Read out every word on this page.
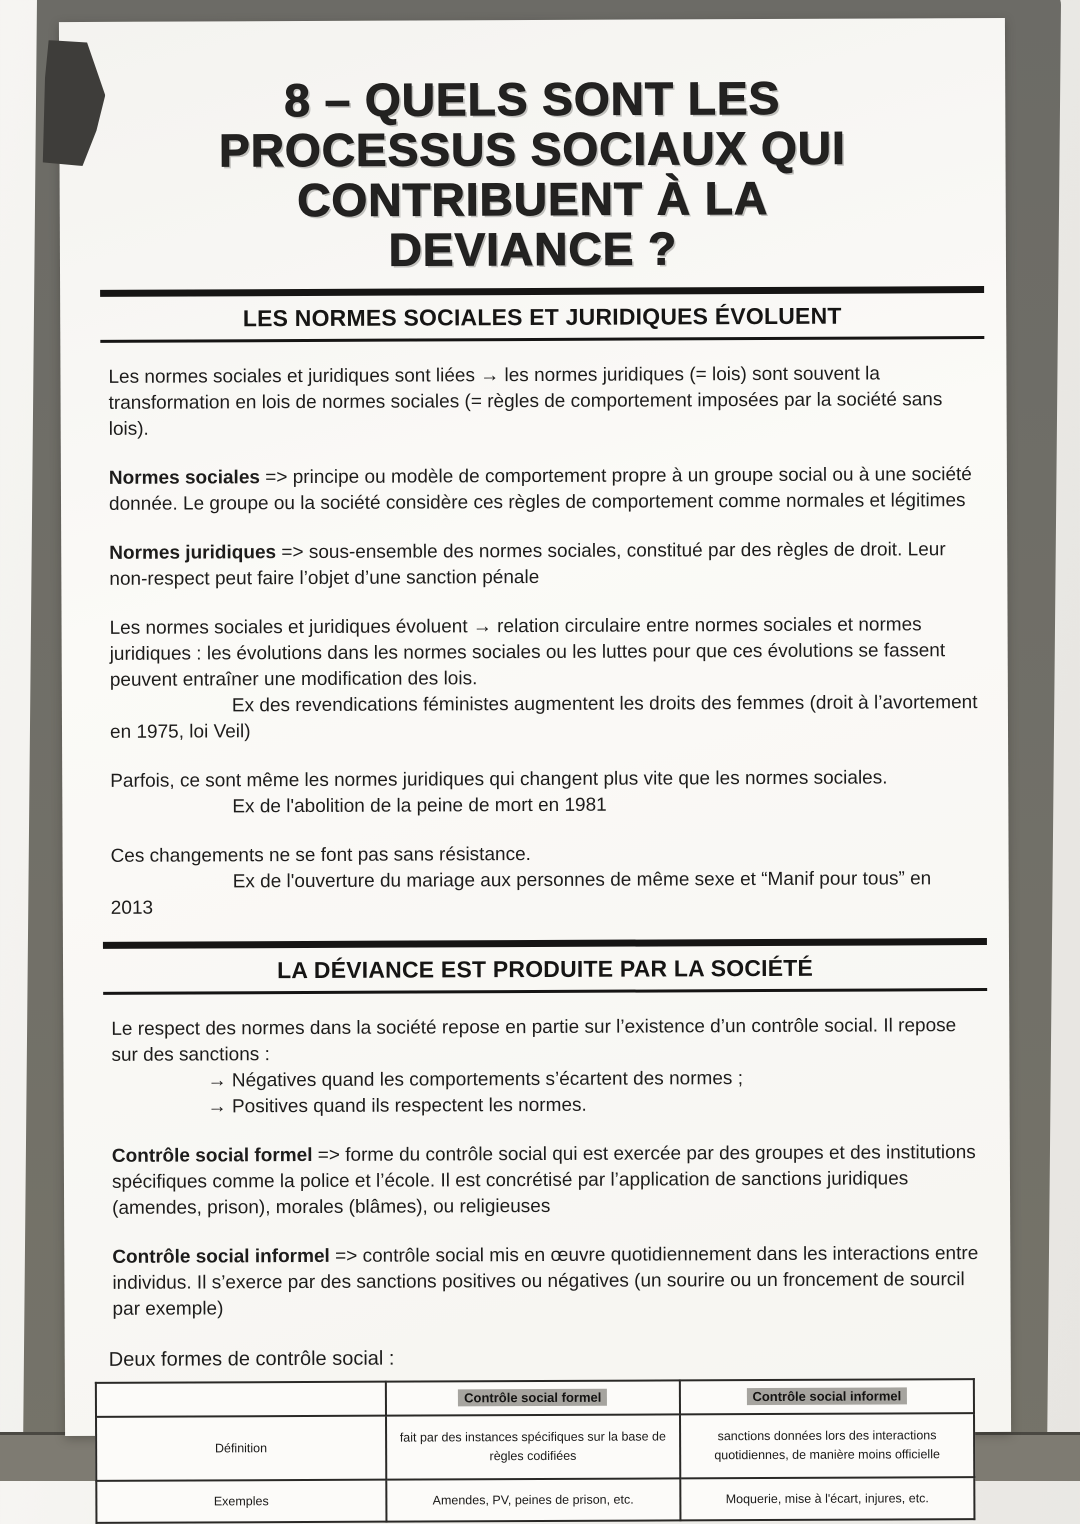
8 – QUELS SONT LES
PROCESSUS SOCIAUX QUI
CONTRIBUENT À LA
DEVIANCE ?
LES NORMES SOCIALES ET JURIDIQUES ÉVOLUENT

Les normes sociales et juridiques sont liées → les normes juridiques (= lois) sont souvent la transformation en lois de normes sociales (= règles de comportement imposées par la société sans lois).

Normes sociales => principe ou modèle de comportement propre à un groupe social ou à une société donnée. Le groupe ou la société considère ces règles de comportement comme normales et légitimes

Normes juridiques => sous-ensemble des normes sociales, constitué par des règles de droit. Leur non-respect peut faire l’objet d’une sanction pénale

Les normes sociales et juridiques évoluent → relation circulaire entre normes sociales et normes juridiques : les évolutions dans les normes sociales ou les luttes pour que ces évolutions se fassent peuvent entraîner une modification des lois.

Ex des revendications féministes augmentent les droits des femmes (droit à l’avortement en 1975, loi Veil)

Parfois, ce sont même les normes juridiques qui changent plus vite que les normes sociales.

Ex de l'abolition de la peine de mort en 1981

Ces changements ne se font pas sans résistance.

Ex de l'ouverture du mariage aux personnes de même sexe et “Manif pour tous” en 2013

LA DÉVIANCE EST PRODUITE PAR LA SOCIÉTÉ

Le respect des normes dans la société repose en partie sur l’existence d’un contrôle social. Il repose sur des sanctions :

→ Négatives quand les comportements s’écartent des normes ;

→ Positives quand ils respectent les normes.

Contrôle social formel => forme du contrôle social qui est exercée par des groupes et des institutions spécifiques comme la police et l’école. Il est concrétisé par l’application de sanctions juridiques (amendes, prison), morales (blâmes), ou religieuses

Contrôle social informel => contrôle social mis en œuvre quotidiennement dans les interactions entre individus. Il s’exerce par des sanctions positives ou négatives (un sourire ou un froncement de sourcil par exemple)

Deux formes de contrôle social :

	Contrôle social formel	Contrôle social informel
Définition	fait par des instances spécifiques sur la base de règles codifiées	sanctions données lors des interactions quotidiennes, de manière moins officielle
Exemples	Amendes, PV, peines de prison, etc.	Moquerie, mise à l'écart, injures, etc.
